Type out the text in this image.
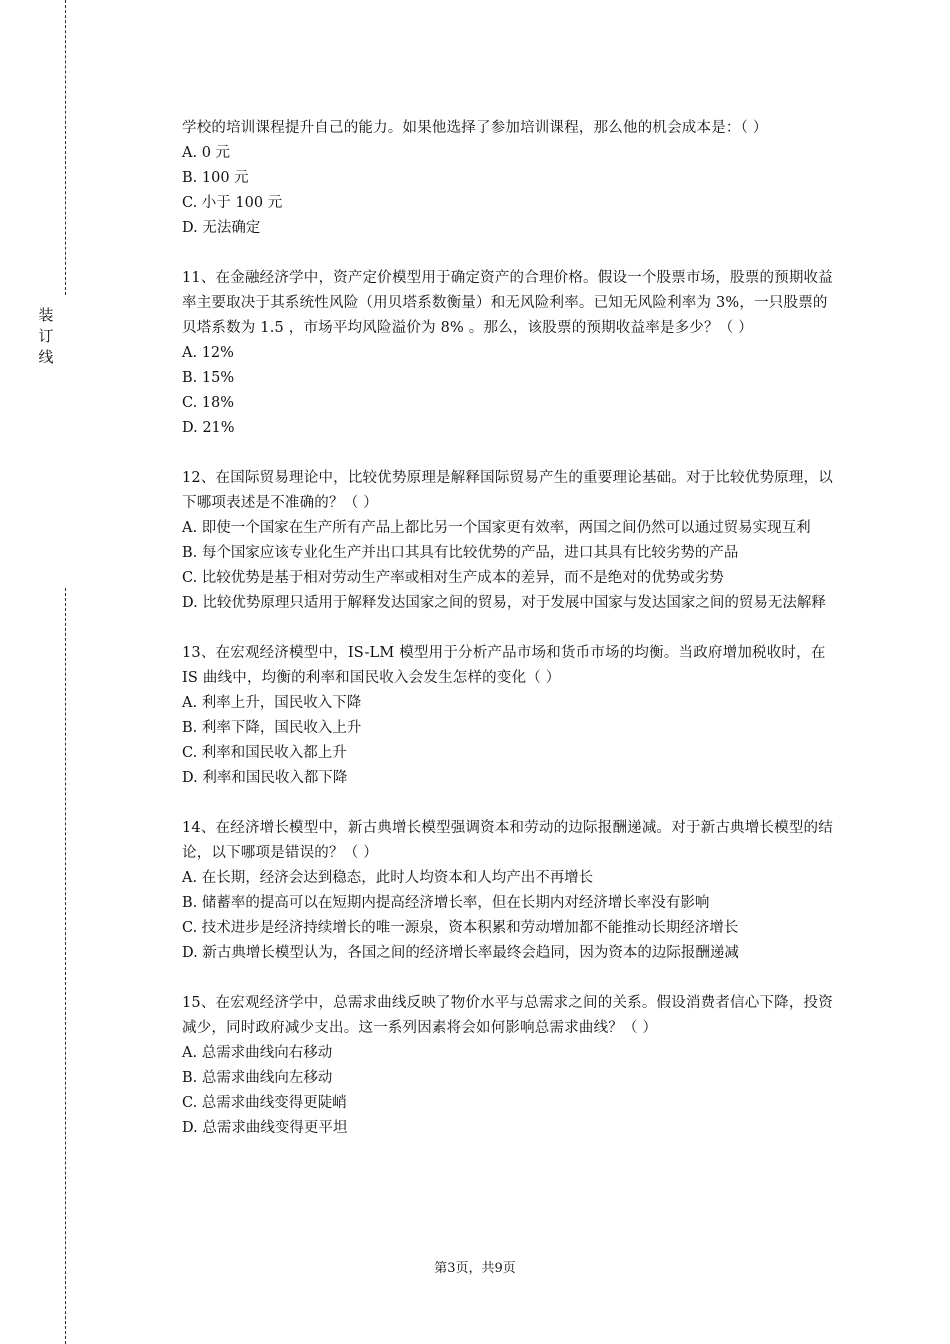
装
订
线
学校的培训课程提升自己的能力。如果他选择了参加培训课程，那么他的机会成本是：（ ）
A. 0 元
B. 100 元
C. 小于 100 元
D. 无法确定
11、在金融经济学中，资产定价模型用于确定资产的合理价格。假设一个股票市场，股票的预期收益率主要取决于其系统性风险（用贝塔系数衡量）和无风险利率。已知无风险利率为 3%，一只股票的贝塔系数为 1.5 ，市场平均风险溢价为 8% 。那么，该股票的预期收益率是多少？（ ）
A. 12%
B. 15%
C. 18%
D. 21%
12、在国际贸易理论中，比较优势原理是解释国际贸易产生的重要理论基础。对于比较优势原理，以下哪项表述是不准确的？（ ）
A. 即使一个国家在生产所有产品上都比另一个国家更有效率，两国之间仍然可以通过贸易实现互利
B. 每个国家应该专业化生产并出口其具有比较优势的产品，进口其具有比较劣势的产品
C. 比较优势是基于相对劳动生产率或相对生产成本的差异，而不是绝对的优势或劣势
D. 比较优势原理只适用于解释发达国家之间的贸易，对于发展中国家与发达国家之间的贸易无法解释
13、在宏观经济模型中，IS-LM 模型用于分析产品市场和货币市场的均衡。当政府增加税收时，在 IS 曲线中，均衡的利率和国民收入会发生怎样的变化（ ）
A. 利率上升，国民收入下降
B. 利率下降，国民收入上升
C. 利率和国民收入都上升
D. 利率和国民收入都下降
14、在经济增长模型中，新古典增长模型强调资本和劳动的边际报酬递减。对于新古典增长模型的结论，以下哪项是错误的？（ ）
A. 在长期，经济会达到稳态，此时人均资本和人均产出不再增长
B. 储蓄率的提高可以在短期内提高经济增长率，但在长期内对经济增长率没有影响
C. 技术进步是经济持续增长的唯一源泉，资本积累和劳动增加都不能推动长期经济增长
D. 新古典增长模型认为，各国之间的经济增长率最终会趋同，因为资本的边际报酬递减
15、在宏观经济学中，总需求曲线反映了物价水平与总需求之间的关系。假设消费者信心下降，投资减少，同时政府减少支出。这一系列因素将会如何影响总需求曲线？（ ）
A. 总需求曲线向右移动
B. 总需求曲线向左移动
C. 总需求曲线变得更陡峭
D. 总需求曲线变得更平坦
第3页，共9页
